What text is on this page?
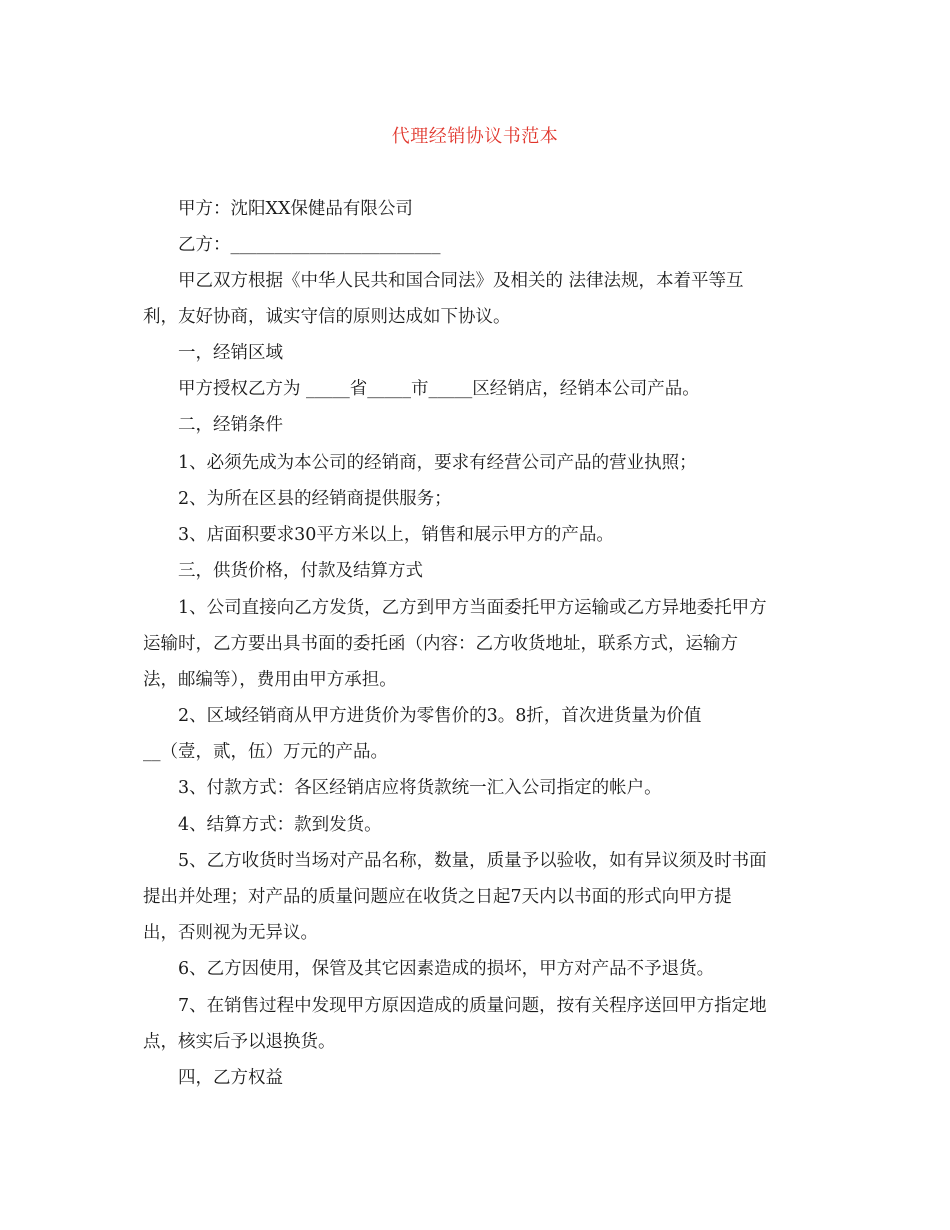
代理经销协议书范本
甲方：沈阳XX保健品有限公司
乙方：________________________
甲乙双方根据《中华人民共和国合同法》及相关的 法律法规，本着平等互
利，友好协商，诚实守信的原则达成如下协议。
一，经销区域
甲方授权乙方为 _____省_____市_____区经销店，经销本公司产品。
二，经销条件
1、必须先成为本公司的经销商，要求有经营公司产品的营业执照；
2、为所在区县的经销商提供服务；
3、店面积要求30平方米以上，销售和展示甲方的产品。
三，供货价格，付款及结算方式
1、公司直接向乙方发货，乙方到甲方当面委托甲方运输或乙方异地委托甲方
运输时，乙方要出具书面的委托函（内容：乙方收货地址，联系方式，运输方
法，邮编等），费用由甲方承担。
2、区域经销商从甲方进货价为零售价的3。8折，首次进货量为价值
__（壹，贰，伍）万元的产品。
3、付款方式：各区经销店应将货款统一汇入公司指定的帐户。
4、结算方式：款到发货。
5、乙方收货时当场对产品名称，数量，质量予以验收，如有异议须及时书面
提出并处理；对产品的质量问题应在收货之日起7天内以书面的形式向甲方提
出，否则视为无异议。
6、乙方因使用，保管及其它因素造成的损坏，甲方对产品不予退货。
7、在销售过程中发现甲方原因造成的质量问题，按有关程序送回甲方指定地
点，核实后予以退换货。
四，乙方权益
